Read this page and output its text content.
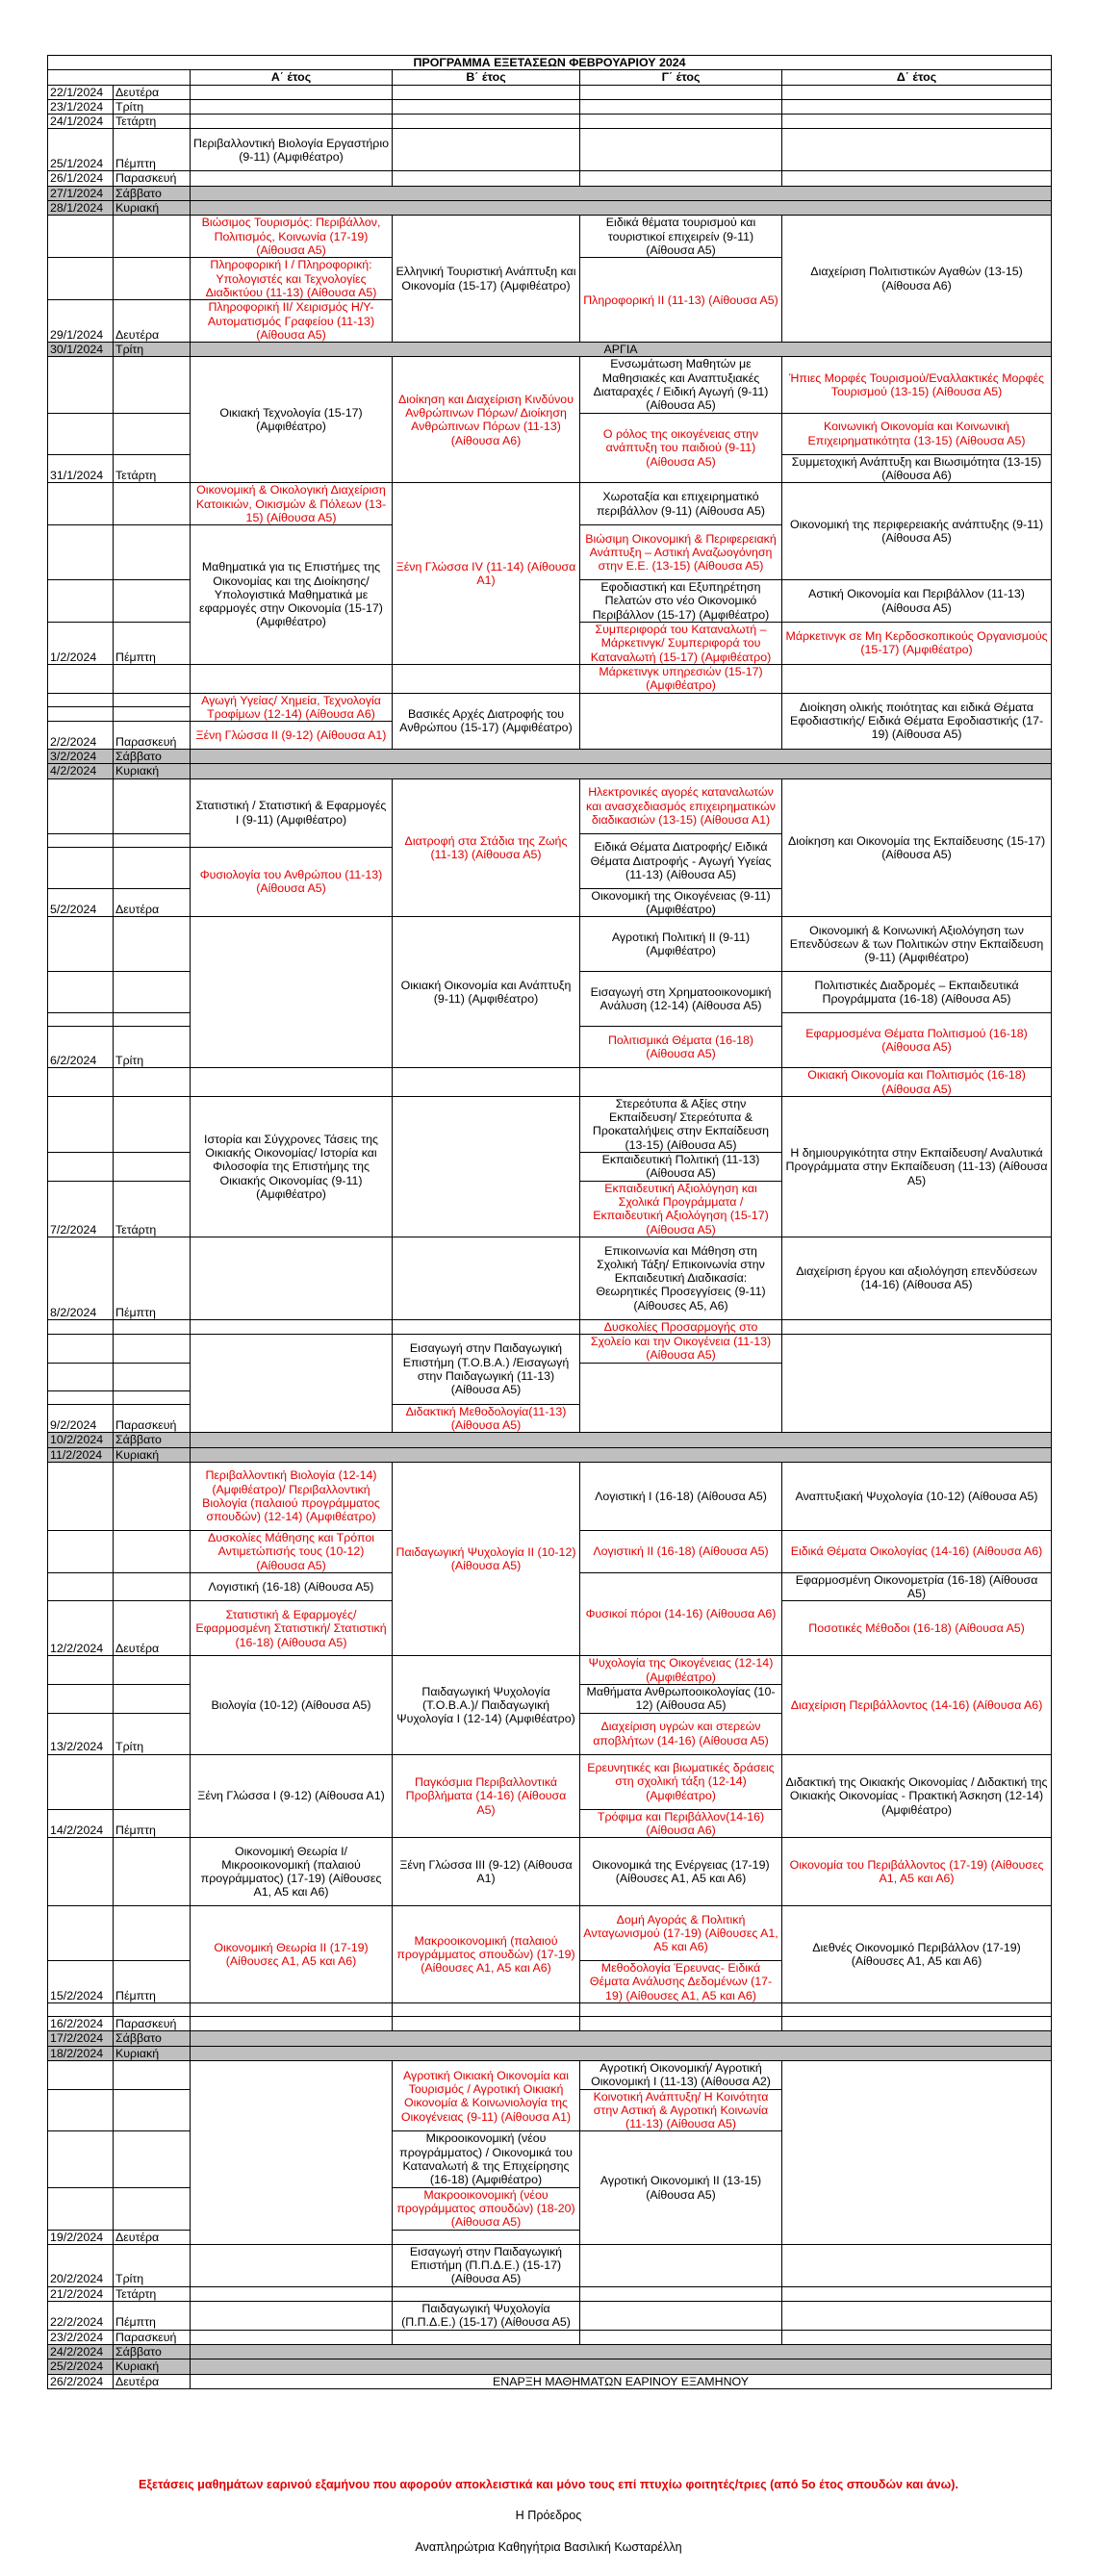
ΠΡΟΓΡΑΜΜΑ ΕΞΕΤΑΣΕΩΝ ΦΕΒΡΟΥΑΡΙΟΥ 2024					
		Α΄ έτος	Β΄ έτος	Γ΄ έτος	Δ΄ έτος
22/1/2024	Δευτέρα				
23/1/2024	Τρίτη				
24/1/2024	Τετάρτη				
25/1/2024	Πέμπτη	Περιβαλλοντική Βιολογία Εργαστήριο (9-11) (Αμφιθέατρο)			
26/1/2024	Παρασκευή				
27/1/2024	Σάββατο				
28/1/2024	Κυριακή				
		Βιώσιμος Τουρισμός: Περιβάλλον, Πολιτισμός, Κοινωνία (17-19) (Αίθουσα Α5)	Ελληνική Τουριστική Ανάπτυξη και Οικονομία (15-17) (Αμφιθέατρο)	Ειδικά θέματα τουρισμού και τουριστικοί επιχειρείν (9-11) (Αίθουσα Α5)	Διαχείριση Πολιτιστικών Αγαθών (13-15) (Αίθουσα Α6)
		Πληροφορική Ι / Πληροφορική: Υπολογιστές και Τεχνολογίες Διαδικτύου (11-13) (Αίθουσα Α5)		Πληροφορική ΙΙ (11-13) (Αίθουσα Α5)	
29/1/2024	Δευτέρα	Πληροφορική ΙΙ/ Χειρισμός Η/Υ- Αυτοματισμός Γραφείου (11-13) (Αίθουσα Α5)			
30/1/2024	Τρίτη	ΑΡΓΙΑ			
		Οικιακή Τεχνολογία (15-17) (Αμφιθέατρο)	Διοίκηση και Διαχείριση Κινδύνου Ανθρώπινων Πόρων/ Διοίκηση Ανθρώπινων Πόρων (11-13) (Αίθουσα Α6)	Ενσωμάτωση Μαθητών με Μαθησιακές και Αναπτυξιακές Διαταραχές / Ειδική Αγωγή (9-11) (Αίθουσα Α5)	Ήπιες Μορφές Τουρισμού/Εναλλακτικές Μορφές Τουρισμού (13-15) (Αίθουσα Α5)
				Ο ρόλος της οικογένειας στην ανάπτυξη του παιδιού (9-11) (Αίθουσα Α5)	Κοινωνική Οικονομία και Κοινωνική Επιχειρηματικότητα (13-15) (Αίθουσα Α5)
31/1/2024	Τετάρτη				Συμμετοχική Ανάπτυξη και Βιωσιμότητα (13-15) (Αίθουσα Α6)
		Οικονομική & Οικολογική Διαχείριση Κατοικιών, Οικισμών & Πόλεων (13-15) (Αίθουσα Α5)	Ξένη Γλώσσα IV (11-14) (Αίθουσα Α1)	Χωροταξία και επιχειρηματικό περιβάλλον (9-11) (Αίθουσα Α5)	Οικονομική της περιφερειακής ανάπτυξης (9-11) (Αίθουσα Α5)
		Μαθηματικά για τις Επιστήμες της Οικονομίας και της Διοίκησης/ Υπολογιστικά Μαθηματικά με εφαρμογές στην Οικονομία (15-17) (Αμφιθέατρο)		Βιώσιμη Οικονομική & Περιφερειακή Ανάπτυξη – Αστική Αναζωογόνηση στην Ε.Ε. (13-15) (Αίθουσα Α5)	
				Εφοδιαστική και Εξυπηρέτηση Πελατών στο νέο Οικονομικό Περιβάλλον (15-17) (Αμφιθέατρο)	Αστική Οικονομία και Περιβάλλον (11-13) (Αίθουσα Α5)
1/2/2024	Πέμπτη			Συμπεριφορά του Καταναλωτή – Μάρκετινγκ/ Συμπεριφορά του Καταναλωτή (15-17) (Αμφιθέατρο)	Μάρκετινγκ σε Μη Κερδοσκοπικούς Οργανισμούς (15-17) (Αμφιθέατρο)
				Μάρκετινγκ υπηρεσιών (15-17) (Αμφιθέατρο)	
		Αγωγή Υγείας/ Χημεία, Τεχνολογία Τροφίμων (12-14) (Αίθουσα Α6)	Βασικές Αρχές Διατροφής του Ανθρώπου (15-17) (Αμφιθέατρο)		Διοίκηση ολικής ποιότητας και ειδικά Θέματα Εφοδιαστικής/ Ειδικά Θέματα Εφοδιαστικής (17-19) (Αίθουσα Α5)

2/2/2024	Παρασκευή	Ξένη Γλώσσα ΙΙ (9-12) (Αίθουσα Α1)			
3/2/2024	Σάββατο				
4/2/2024	Κυριακή				
		Στατιστική / Στατιστική & Εφαρμογές Ι (9-11) (Αμφιθέατρο)	Διατροφή στα Στάδια της Ζωής (11-13) (Αίθουσα Α5)	Ηλεκτρονικές αγορές καταναλωτών και ανασχεδιασμός επιχειρηματικών διαδικασιών (13-15) (Αίθουσα Α1)	Διοίκηση και Οικονομία της Εκπαίδευσης (15-17) (Αίθουσα Α5)
				Ειδικά Θέματα Διατροφής/ Ειδικά Θέματα Διατροφής - Αγωγή Υγείας (11-13) (Αίθουσα Α5)	
		Φυσιολογία του Ανθρώπου (11-13) (Αίθουσα Α5)			
5/2/2024	Δευτέρα			Οικονομική της Οικογένειας (9-11) (Αμφιθέατρο)	
			Οικιακή Οικονομία και Ανάπτυξη (9-11) (Αμφιθέατρο)	Αγροτική Πολιτική ΙΙ (9-11) (Αμφιθέατρο)	Οικονομική & Κοινωνική Αξιολόγηση των Επενδύσεων & των Πολιτικών στην Εκπαίδευση (9-11) (Αμφιθέατρο)
				Εισαγωγή στη Χρηματοοικονομική Ανάλυση (12-14) (Αίθουσα Α5)	Πολιτιστικές Διαδρομές – Εκπαιδευτικά Προγράμματα (16-18) (Αίθουσα Α5)
					Εφαρμοσμένα Θέματα Πολιτισμού (16-18) (Αίθουσα Α5)
6/2/2024	Τρίτη			Πολιτισμικά Θέματα (16-18) (Αίθουσα Α5)	
					Οικιακή Οικονομία και Πολιτισμός (16-18) (Αίθουσα Α5)
		Ιστορία και Σύγχρονες Τάσεις της Οικιακής Οικονομίας/ Ιστορία και Φιλοσοφία της Επιστήμης της Οικιακής Οικονομίας (9-11) (Αμφιθέατρο)		Στερεότυπα & Αξίες στην Εκπαίδευση/ Στερεότυπα & Προκαταλήψεις στην Εκπαίδευση (13-15) (Αίθουσα Α5)	Η δημιουργικότητα στην Εκπαίδευση/ Αναλυτικά Προγράμματα στην Εκπαίδευση (11-13) (Αίθουσα Α5)
				Εκπαιδευτική Πολιτική (11-13) (Αίθουσα Α5)	
7/2/2024	Τετάρτη			Εκπαιδευτική Αξιολόγηση και Σχολικά Προγράμματα / Εκπαιδευτική Αξιολόγηση (15-17) (Αίθουσα Α5)	
8/2/2024	Πέμπτη			Επικοινωνία και Μάθηση στη Σχολική Τάξη/ Επικοινωνία στην Εκπαιδευτική Διαδικασία: Θεωρητικές Προσεγγίσεις (9-11) (Αίθουσες Α5, Α6)	Διαχείριση έργου και αξιολόγηση επενδύσεων (14-16) (Αίθουσα Α5)
				Δυσκολίες Προσαρμογής στο	
			Εισαγωγή στην Παιδαγωγική Επιστήμη (Τ.Ο.Β.Α.) /Εισαγωγή στην Παιδαγωγική (11-13) (Αίθουσα Α5)	Σχολείο και την Οικογένεια (11-13) (Αίθουσα Α5)	

9/2/2024	Παρασκευή		Διδακτική Μεθοδολογία(11-13) (Αίθουσα Α5)		
10/2/2024	Σάββατο				
11/2/2024	Κυριακή				
		Περιβαλλοντική Βιολογία (12-14) (Αμφιθέατρο)/ Περιβαλλοντική Βιολογία (παλαιού προγράμματος σπουδών) (12-14) (Αμφιθέατρο)	Παιδαγωγική Ψυχολογία ΙΙ (10-12) (Αίθουσα Α5)	Λογιστική Ι (16-18) (Αίθουσα Α5)	Αναπτυξιακή Ψυχολογία (10-12) (Αίθουσα Α5)
		Δυσκολίες Μάθησης και Τρόποι Αντιμετώπισής τους (10-12) (Αίθουσα Α5)		Λογιστική ΙΙ (16-18) (Αίθουσα Α5)	Ειδικά Θέματα Οικολογίας (14-16) (Αίθουσα Α6)
		Λογιστική (16-18) (Αίθουσα Α5)		Φυσικοί πόροι (14-16) (Αίθουσα Α6)	Εφαρμοσμένη Οικονομετρία (16-18) (Αίθουσα Α5)
12/2/2024	Δευτέρα	Στατιστική & Εφαρμογές/ Εφαρμοσμένη Στατιστική/ Στατιστική (16-18) (Αίθουσα Α5)			Ποσοτικές Μέθοδοι (16-18) (Αίθουσα Α5)
		Βιολογία (10-12) (Αίθουσα Α5)	Παιδαγωγική Ψυχολογία (Τ.Ο.Β.Α.)/ Παιδαγωγική Ψυχολογία Ι (12-14) (Αμφιθέατρο)	Ψυχολογία της Οικογένειας (12-14) (Αμφιθέατρο)	Διαχείριση Περιβάλλοντος (14-16) (Αίθουσα Α6)
				Μαθήματα Ανθρωποοικολογίας (10-12) (Αίθουσα Α5)	
13/2/2024	Τρίτη			Διαχείριση υγρών και στερεών αποβλήτων (14-16) (Αίθουσα Α5)	
		Ξένη Γλώσσα Ι (9-12) (Αίθουσα Α1)	Παγκόσμια Περιβαλλοντικά Προβλήματα (14-16) (Αίθουσα Α5)	Ερευνητικές και βιωματικές δράσεις στη σχολική τάξη (12-14) (Αμφιθέατρο)	Διδακτική της Οικιακής Οικονομίας / Διδακτική της Οικιακής Οικονομίας - Πρακτική Άσκηση (12-14) (Αμφιθέατρο)
14/2/2024	Πέμπτη			Τρόφιμα και Περιβάλλον(14-16) (Αίθουσα Α6)	
		Οικονομική Θεωρία Ι/ Μικροοικονομική (παλαιού προγράμματος) (17-19) (Αίθουσες Α1, Α5 και Α6)	Ξένη Γλώσσα ΙΙΙ (9-12) (Αίθουσα Α1)	Οικονομικά της Ενέργειας (17-19) (Αίθουσες Α1, Α5 και Α6)	Οικονομία του Περιβάλλοντος (17-19) (Αίθουσες Α1, Α5 και Α6)
		Οικονομική Θεωρία ΙΙ (17-19) (Αίθουσες Α1, Α5 και Α6)	Μακροοικονομική (παλαιού προγράμματος σπουδών) (17-19) (Αίθουσες Α1, Α5 και Α6)	Δομή Αγοράς & Πολιτική Ανταγωνισμού (17-19) (Αίθουσες Α1, Α5 και Α6)	Διεθνές Οικονομικό Περιβάλλον (17-19) (Αίθουσες Α1, Α5 και Α6)
15/2/2024	Πέμπτη			Μεθοδολογία Έρευνας- Ειδικά Θέματα Ανάλυσης Δεδομένων (17-19) (Αίθουσες Α1, Α5 και Α6)	

16/2/2024	Παρασκευή				
17/2/2024	Σάββατο				
18/2/2024	Κυριακή				
			Αγροτική Οικιακή Οικονομία και Τουρισμός / Αγροτική Οικιακή Οικονομία & Κοινωνιολογία της Οικογένειας (9-11) (Αίθουσα Α1)	Αγροτική Οικονομική/ Αγροτική Οικονομική Ι (11-13) (Αίθουσα Α2)	
				Κοινοτική Ανάπτυξη/ Η Κοινότητα στην Αστική & Αγροτική Κοινωνία (11-13) (Αίθουσα Α5)	
			Μικροοικονομική (νέου προγράμματος) / Οικονομικά του Καταναλωτή & της Επιχείρησης (16-18) (Αμφιθέατρο)	Αγροτική Οικονομική ΙΙ (13-15) (Αίθουσα Α5)	
			Μακροοικονομική (νέου προγράμματος σπουδών) (18-20) (Αίθουσα Α5)		
19/2/2024	Δευτέρα				
20/2/2024	Τρίτη		Εισαγωγή στην Παιδαγωγική Επιστήμη (Π.Π.Δ.Ε.) (15-17) (Αίθουσα Α5)		
21/2/2024	Τετάρτη				
22/2/2024	Πέμπτη		Παιδαγωγική Ψυχολογία (Π.Π.Δ.Ε.) (15-17) (Αίθουσα Α5)		
23/2/2024	Παρασκευή				
24/2/2024	Σάββατο				
25/2/2024	Κυριακή				
26/2/2024	Δευτέρα	ΕΝΑΡΞΗ ΜΑΘΗΜΑΤΩΝ ΕΑΡΙΝΟΥ ΕΞΑΜΗΝΟΥ			
Εξετάσεις μαθημάτων εαρινού εξαμήνου που αφορούν αποκλειστικά και μόνο τους επί πτυχίω φοιτητές/τριες (από 5ο έτος σπουδών και άνω).
Η Πρόεδρος
Αναπληρώτρια Καθηγήτρια Βασιλική Κωσταρέλλη
